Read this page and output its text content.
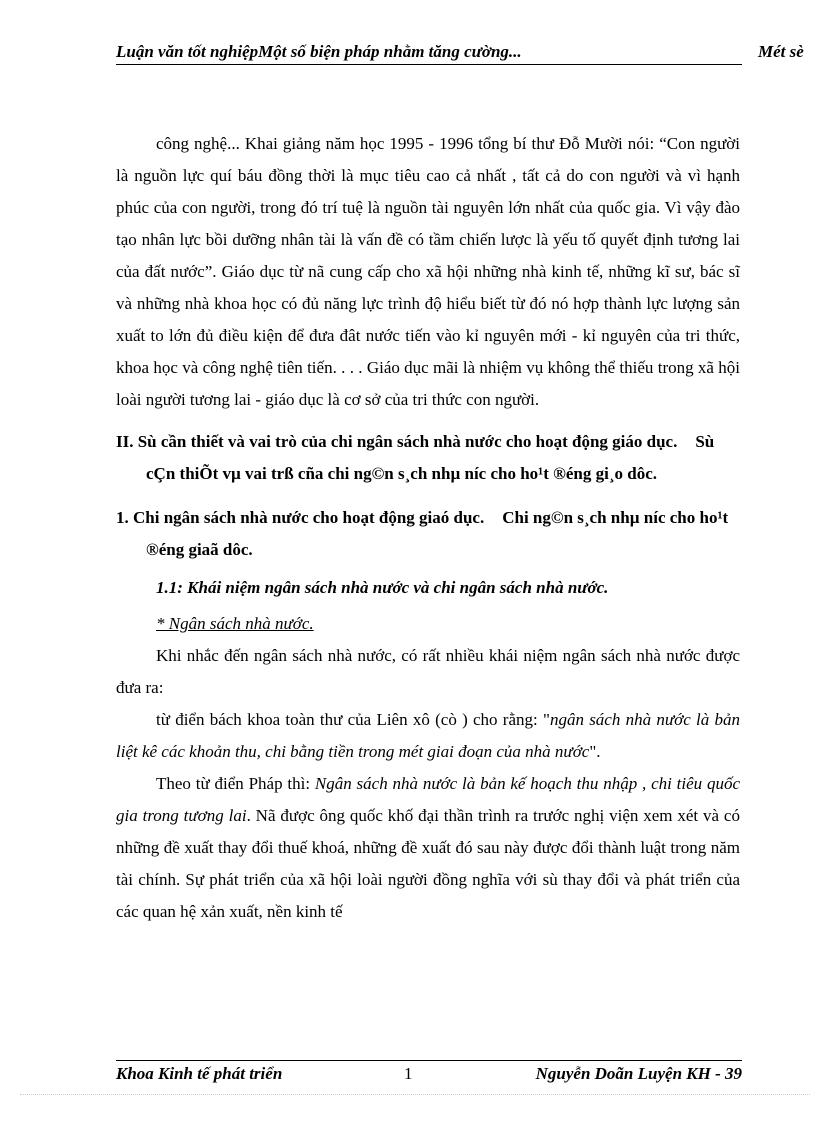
Luận văn tốt nghiệpMột số biện pháp nhằm tăng cường...	Mét sè

công nghệ... Khai giảng năm học 1995 - 1996 tổng bí thư Đỗ Mười nói: “Con người là nguồn lực quí báu đồng thời là mục tiêu cao cả nhất , tất cả do con người và vì hạnh phúc của con người, trong đó trí tuệ là nguồn tài nguyên lớn nhất của quốc gia. Vì vậy đào tạo nhân lực bồi dưỡng nhân tài là vấn đề có tầm chiến lược là yếu tố quyết định tương lai của đất nước”. Giáo dục từ nã cung cấp cho xã hội những nhà kinh tế, những kĩ sư, bác sĩ và những nhà khoa học có đủ năng lực trình độ hiểu biết từ đó nó hợp thành lực lượng sản xuất to lớn đủ điều kiện để đưa đât nước tiến vào kỉ nguyên mới - kỉ nguyên của tri thức, khoa học và công nghệ tiên tiến. . . . Giáo dục mãi là nhiệm vụ không thể thiếu trong xã hội loài người tương lai - giáo dục là cơ sở của tri thức con người.

II. Sù cần thiết và vai trò của chi ngân sách nhà nước cho hoạt động giáo dục. Sù cÇn thiÕt vµ vai trß cña chi ng©n s¸ch nhµ níc cho ho¹t ®éng gi¸o dôc.
1. Chi ngân sách nhà nước cho hoạt động giaó dục. Chi ng©n s¸ch nhµ níc cho ho¹t ®éng giaã dôc.
1.1: Khái niệm ngân sách nhà nước và chi ngân sách nhà nước.
* Ngân sách nhà nước.

Khi nhắc đến ngân sách nhà nước, có rất nhiều khái niệm ngân sách nhà nước được đưa ra:

từ điển bách khoa toàn thư của Liên xô (cò ) cho rằng: "ngân sách nhà nước là bản liệt kê các khoản thu, chi bằng tiền trong mét giai đoạn của nhà nước".

Theo từ điển Pháp thì: Ngân sách nhà nước là bản kế hoạch thu nhập , chi tiêu quốc gia trong tương lai. Nã được ông quốc khố đại thần trình ra trước nghị viện xem xét và có những đề xuất thay đổi thuế khoá, những đề xuất đó sau này được đổi thành luật trong năm tài chính. Sự phát triển của xã hội loài người đồng nghĩa với sù thay đổi và phát triển của các quan hệ xản xuất, nền kinh tế

Khoa Kinh tế phát triển	1	Nguyễn Doãn Luyện KH - 39
